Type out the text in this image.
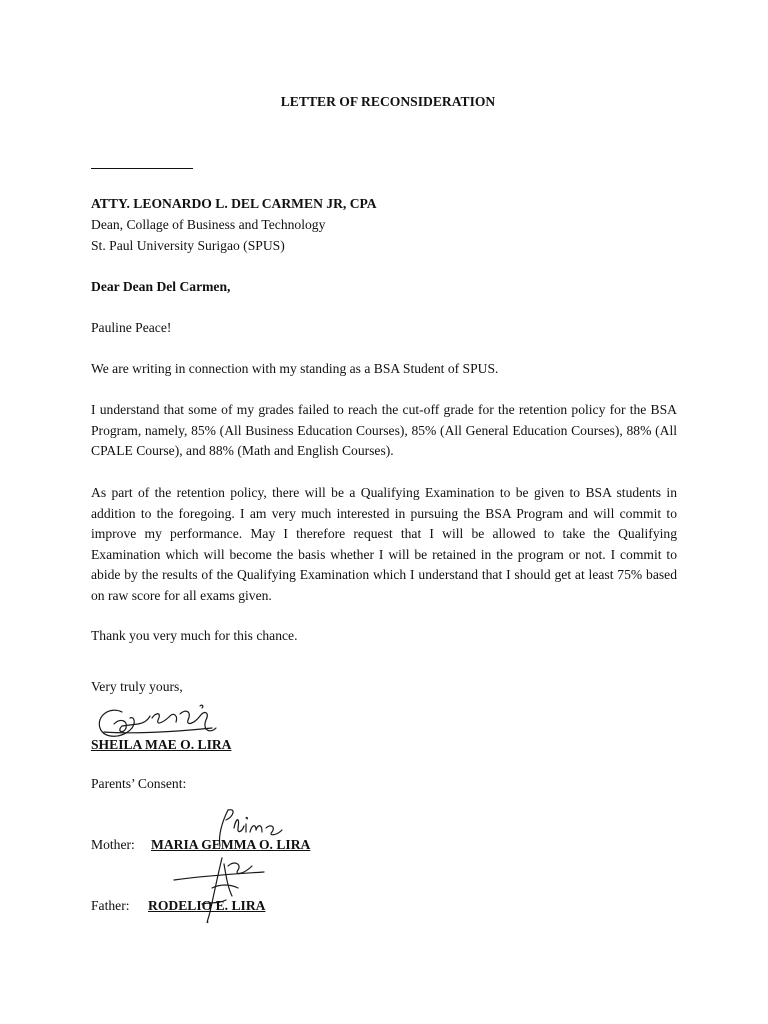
LETTER OF RECONSIDERATION
ATTY. LEONARDO L. DEL CARMEN JR, CPA
Dean, Collage of Business and Technology
St. Paul University Surigao (SPUS)
Dear Dean Del Carmen,
Pauline Peace!
We are writing in connection with my standing as a BSA Student of SPUS.
I understand that some of my grades failed to reach the cut-off grade for the retention policy for the BSA Program, namely, 85% (All Business Education Courses), 85% (All General Education Courses), 88% (All CPALE Course), and 88% (Math and English Courses).
As part of the retention policy, there will be a Qualifying Examination to be given to BSA students in addition to the foregoing. I am very much interested in pursuing the BSA Program and will commit to improve my performance. May I therefore request that I will be allowed to take the Qualifying Examination which will become the basis whether I will be retained in the program or not. I commit to abide by the results of the Qualifying Examination which I understand that I should get at least 75% based on raw score for all exams given.
Thank you very much for this chance.
Very truly yours,
SHEILA MAE O. LIRA
Parents’ Consent:
Mother: MARIA GEMMA O. LIRA
Father: RODELIO E. LIRA
